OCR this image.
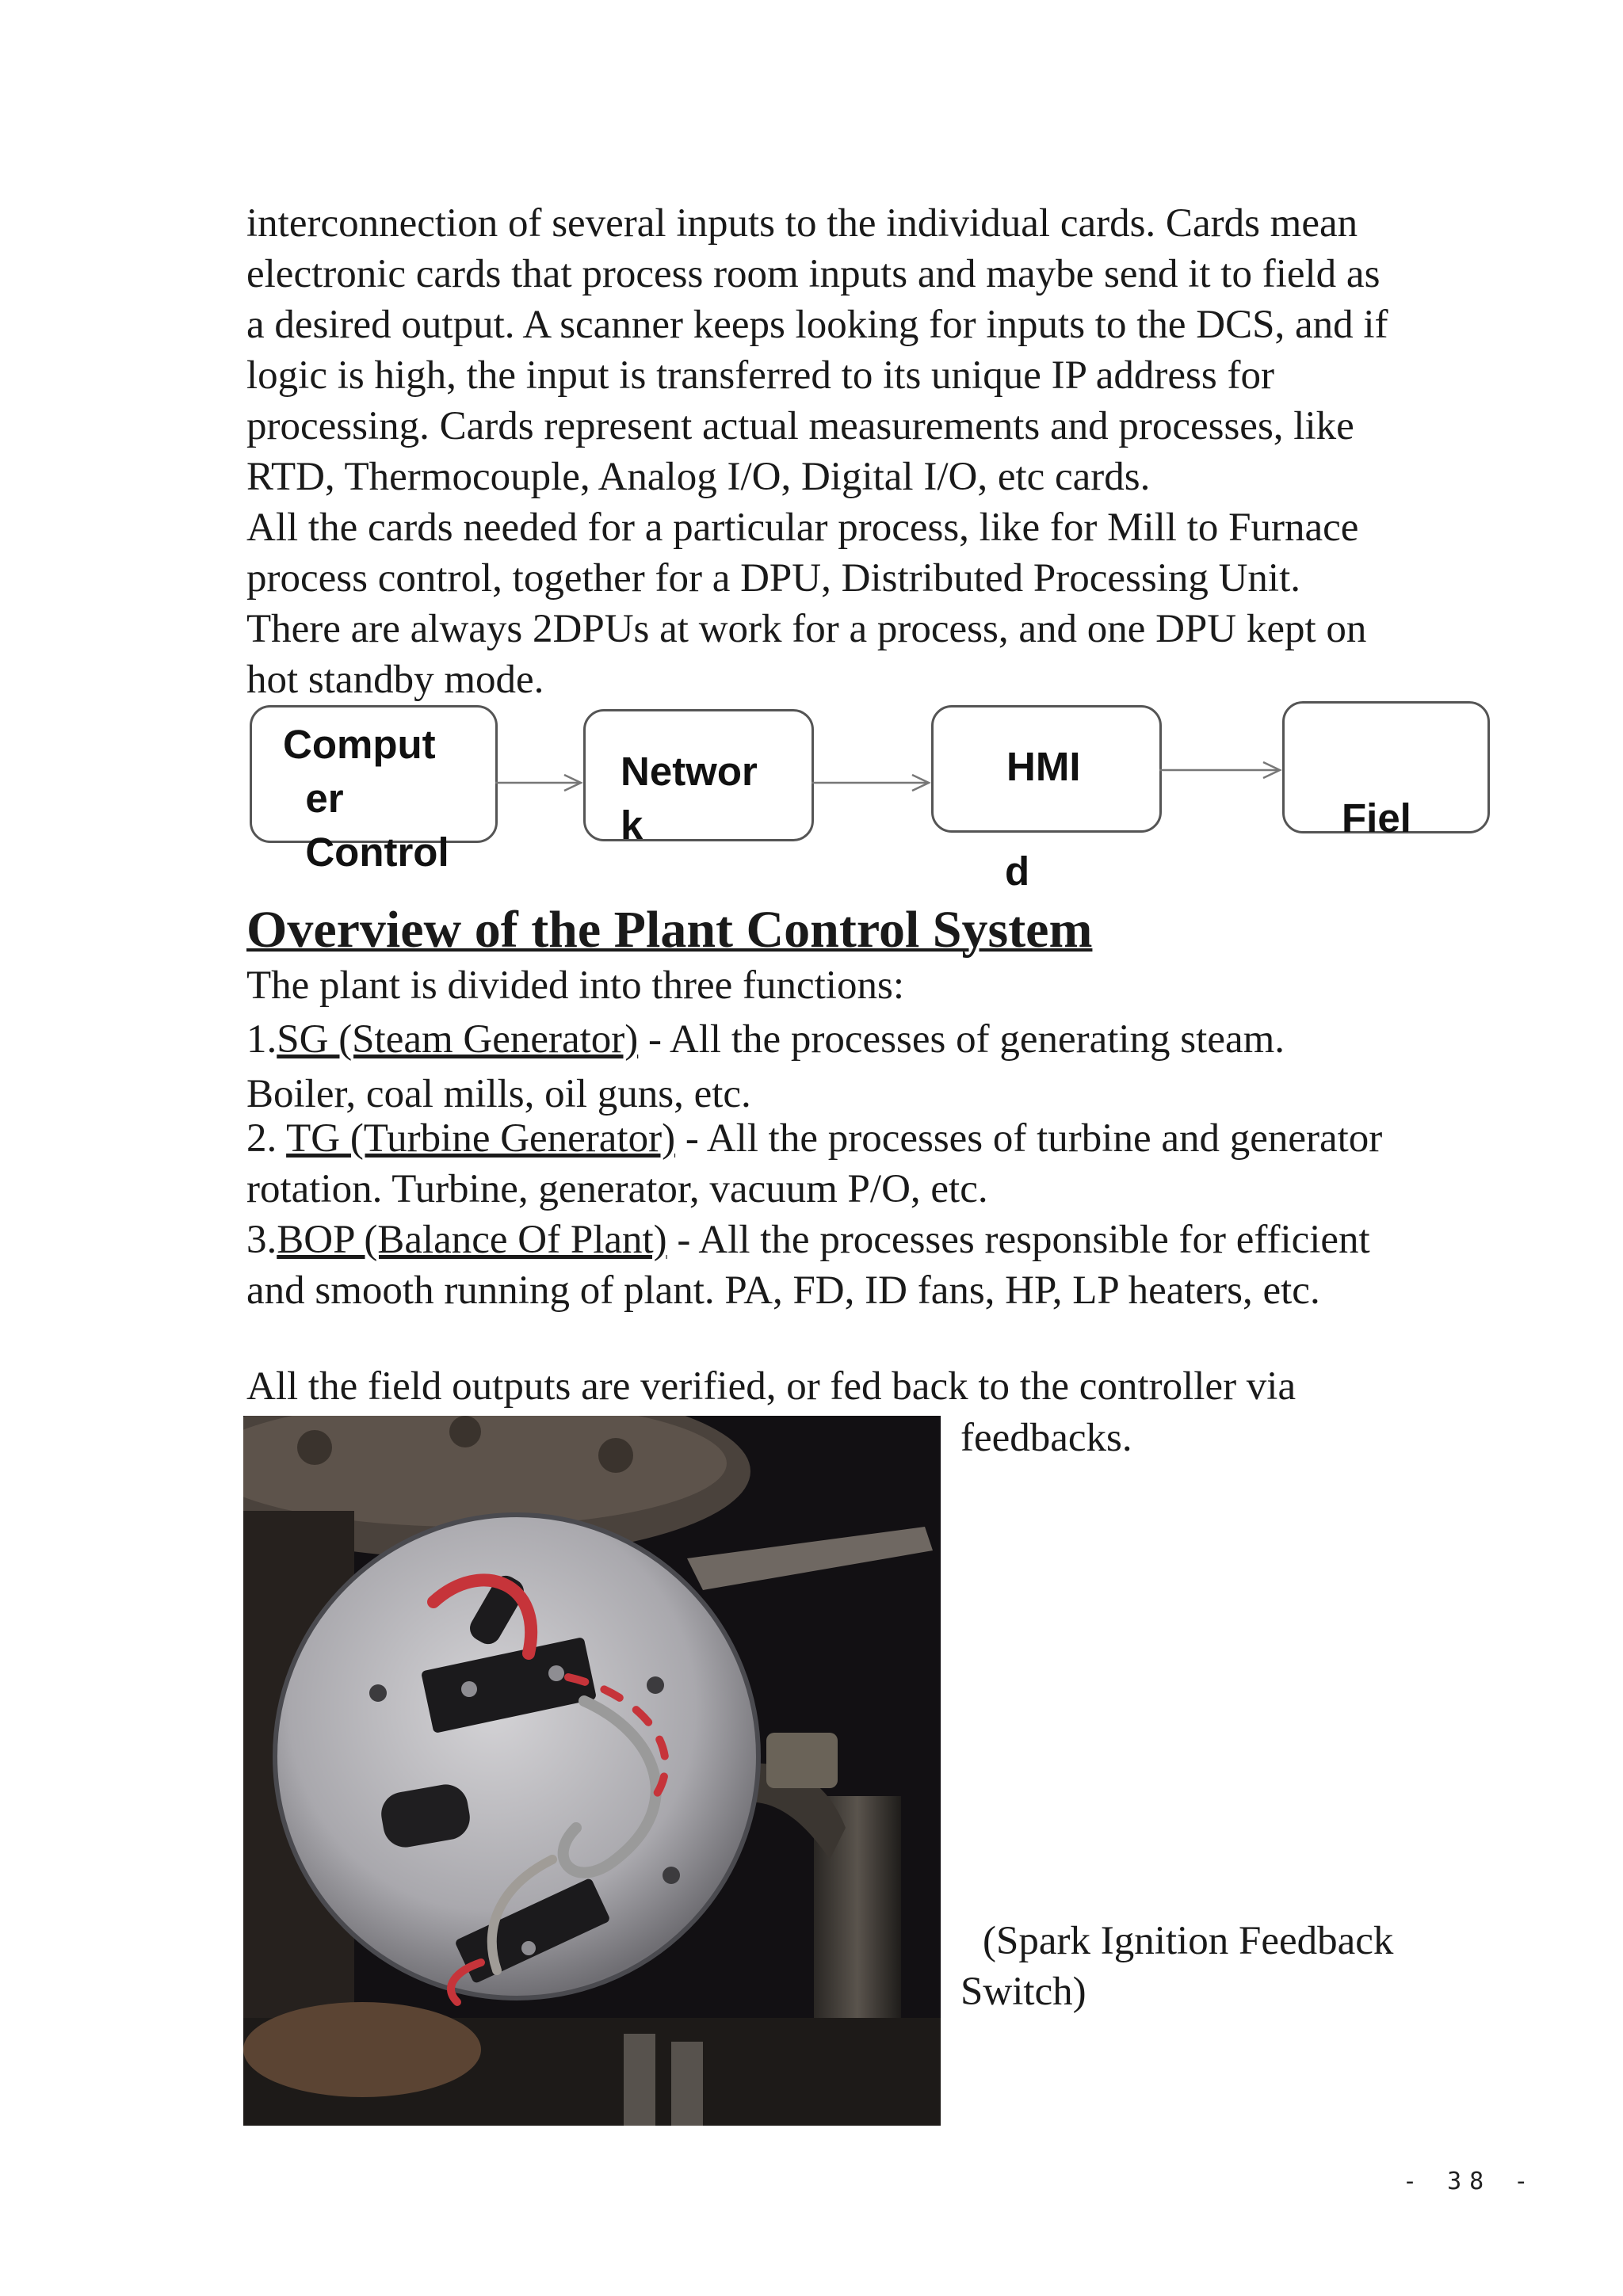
interconnection of several inputs to the individual cards. Cards mean

electronic cards that process room inputs and maybe send it to field as

a desired output. A scanner keeps looking for inputs to the DCS, and if

logic is high, the input is transferred to its unique IP address for

processing. Cards represent actual measurements and processes, like

RTD, Thermocouple, Analog I/O, Digital I/O, etc cards.

All the cards needed for a particular process, like for Mill to Furnace

process control, together for a DPU, Distributed Processing Unit.

There are always 2DPUs at work for a process, and one DPU kept on

hot standby mode.

Comput
er
Control
Networ
k
HMI
Fiel
d
Overview of the Plant Control System

The plant is divided into three functions:

1.SG (Steam Generator) - All the processes of generating steam.

Boiler, coal mills, oil guns, etc.

2. TG (Turbine Generator) - All the processes of turbine and generator

rotation. Turbine, generator, vacuum P/O, etc.

3.BOP (Balance Of Plant) - All the processes responsible for efficient

and smooth running of plant. PA, FD, ID fans, HP, LP heaters, etc.

All the field outputs are verified, or fed back to the controller via

feedbacks.
(Spark Ignition Feedback
Switch)
- 38 -
